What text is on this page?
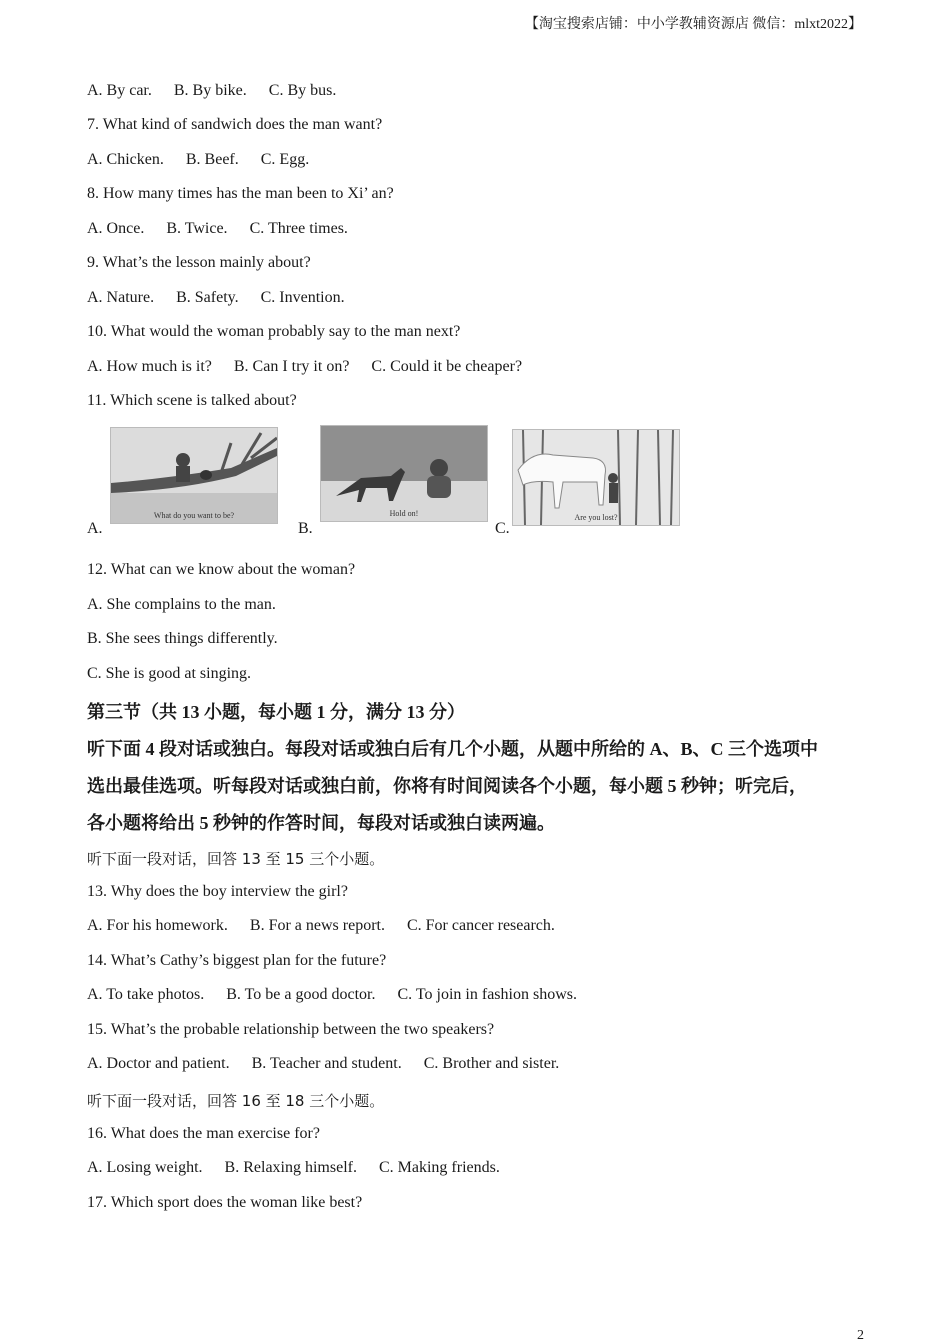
【淘宝搜索店铺：中小学教辅资源店 微信：mlxt2022】
A. By car. B. By bike. C. By bus.
7. What kind of sandwich does the man want?
A. Chicken. B. Beef. C. Egg.
8. How many times has the man been to Xi’ an?
A. Once. B. Twice. C. Three times.
9. What’s the lesson mainly about?
A. Nature. B. Safety. C. Invention.
10. What would the woman probably say to the man next?
A. How much is it? B. Can I try it on? C. Could it be cheaper?
11. Which scene is talked about?
A.
What do you want to be?
B.
Hold on!
C.
Are you lost?
12. What can we know about the woman?
A. She complains to the man.
B. She sees things differently.
C. She is good at singing.
第三节（共 13 小题，每小题 1 分，满分 13 分）
听下面 4 段对话或独白。每段对话或独白后有几个小题，从题中所给的 A、B、C 三个选项中
选出最佳选项。听每段对话或独白前，你将有时间阅读各个小题，每小题 5 秒钟；听完后，
各小题将给出 5 秒钟的作答时间，每段对话或独白读两遍。
听下面一段对话，回答 13 至 15 三个小题。
13. Why does the boy interview the girl?
A. For his homework. B. For a news report. C. For cancer research.
14. What’s Cathy’s biggest plan for the future?
A. To take photos. B. To be a good doctor. C. To join in fashion shows.
15. What’s the probable relationship between the two speakers?
A. Doctor and patient. B. Teacher and student. C. Brother and sister.
听下面一段对话，回答 16 至 18 三个小题。
16. What does the man exercise for?
A. Losing weight. B. Relaxing himself. C. Making friends.
17. Which sport does the woman like best?
2
